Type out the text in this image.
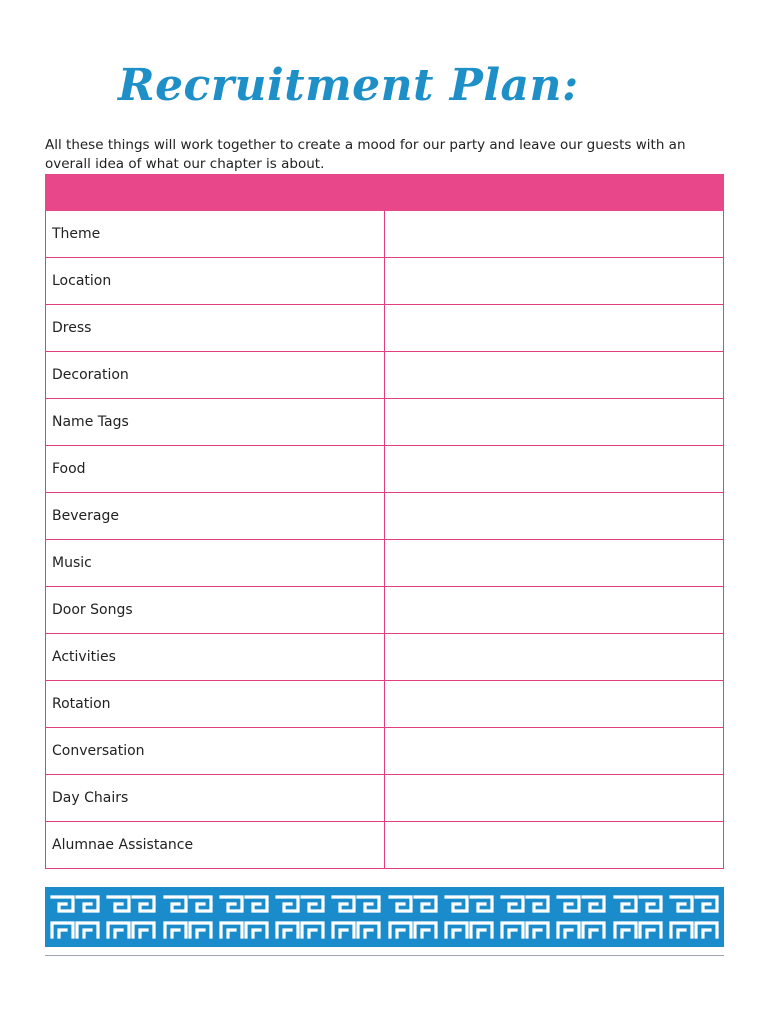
Recruitment Plan:

All these things will work together to create a mood for our party and leave our guests with an overall idea of what our chapter is about.

Theme	
Location	
Dress	
Decoration	
Name Tags	
Food	
Beverage	
Music	
Door Songs	
Activities	
Rotation	
Conversation	
Day Chairs	
Alumnae Assistance	
